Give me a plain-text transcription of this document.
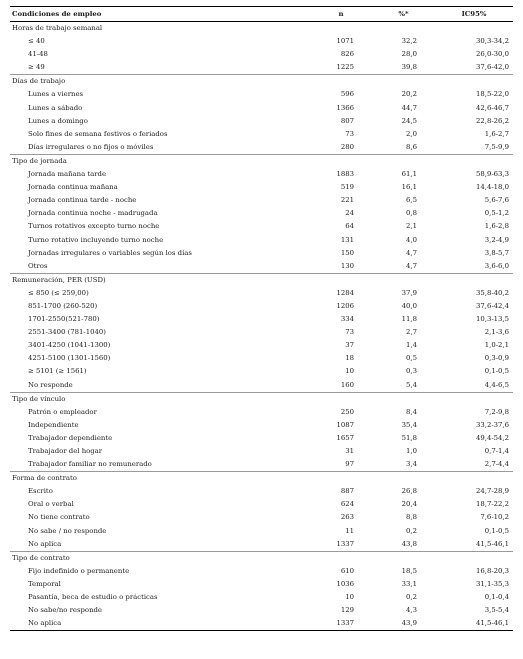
Condiciones de empleo	n	%*	IC95%
Horas de trabajo semanal			
≤ 40	1071	32,2	30,3-34,2
41-48	826	28,0	26,0-30,0
≥ 49	1225	39,8	37,6-42,0
Días de trabajo			
Lunes a viernes	596	20,2	18,5-22,0
Lunes a sábado	1366	44,7	42,6-46,7
Lunes a domingo	807	24,5	22,8-26,2
Solo fines de semana festivos o feriados	73	2,0	1,6-2,7
Días irregulares o no fijos o móviles	280	8,6	7,5-9,9
Tipo de jornada			
Jornada mañana tarde	1883	61,1	58,9-63,3
Jornada continua mañana	519	16,1	14,4-18,0
Jornada continua tarde - noche	221	6,5	5,6-7,6
Jornada continua noche - madrugada	24	0,8	0,5-1,2
Turnos rotativos excepto turno noche	64	2,1	1,6-2,8
Turno rotativo incluyendo turno noche	131	4,0	3,2-4,9
Jornadas irregulares o variables según los días	150	4,7	3,8-5,7
Otros	130	4,7	3,6-6,0
Remuneración, PER (USD)			
≤ 850 (≤ 259,00)	1284	37,9	35,8-40,2
851-1700 (260-520)	1206	40,0	37,6-42,4
1701-2550(521-780)	334	11,8	10,3-13,5
2551-3400 (781-1040)	73	2,7	2,1-3,6
3401-4250 (1041-1300)	37	1,4	1,0-2,1
4251-5100 (1301-1560)	18	0,5	0,3-0,9
≥ 5101 (≥ 1561)	10	0,3	0,1-0,5
No responde	160	5,4	4,4-6,5
Tipo de vínculo			
Patrón o empleador	250	8,4	7,2-9,8
Independiente	1087	35,4	33,2-37,6
Trabajador dependiente	1657	51,8	49,4-54,2
Trabajador del hogar	31	1,0	0,7-1,4
Trabajador familiar no remunerado	97	3,4	2,7-4,4
Forma de contrato			
Escrito	887	26,8	24,7-28,9
Oral o verbal	624	20,4	18,7-22,2
No tiene contrato	263	8,8	7,6-10,2
No sabe / no responde	11	0,2	0,1-0,5
No aplica	1337	43,8	41,5-46,1
Tipo de contrato			
Fijo indefinido o permanente	610	18,5	16,8-20,3
Temporal	1036	33,1	31,1-35,3
Pasantía, beca de estudio o prácticas	10	0,2	0,1-0,4
No sabe/no responde	129	4,3	3,5-5,4
No aplica	1337	43,9	41,5-46,1
